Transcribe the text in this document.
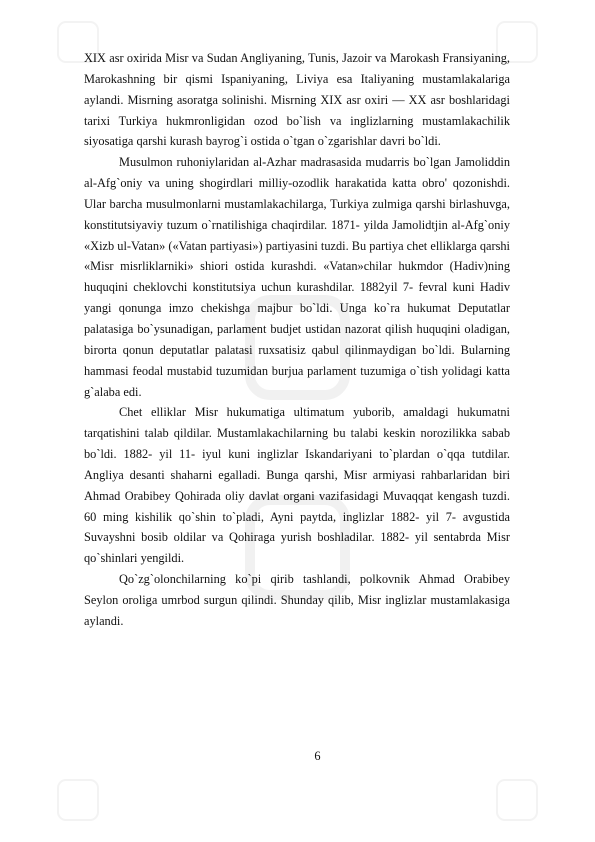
XIX asr oxirida Misr va Sudan Angliyaning, Tunis, Jazoir va Marokash Fransiyaning, Marokashning bir qismi Ispaniyaning, Liviya esa Italiyaning mustamlakalariga aylandi. Misrning asoratga solinishi. Misrning XIX asr oxiri — XX asr boshlaridagi tarixi Turkiya hukmronligidan ozod bo`lish va inglizlarning mustamlakachilik siyosatiga qarshi kurash bayrog`i ostida o`tgan o`zgarishlar davri bo`ldi.

Musulmon ruhoniylaridan al-Azhar madrasasida mudarris bo`lgan Jamoliddin al-Afg`oniy va uning shogirdlari milliy-ozodlik harakatida katta obro' qozonishdi. Ular barcha musulmonlarni mustamlakachilarga, Turkiya zulmiga qarshi birlashuvga, konstitutsiyaviy tuzum o`rnatilishiga chaqirdilar. 1871- yilda Jamolidtjin al-Afg`oniy «Xizb ul-Vatan» («Vatan partiyasi») partiyasini tuzdi. Bu partiya chet elliklarga qarshi «Misr misrliklarniki» shiori ostida kurashdi. «Vatan»chilar hukmdor (Hadiv)ning huquqini cheklovchi konstitutsiya uchun kurashdilar. 1882yil 7- fevral kuni Hadiv yangi qonunga imzo chekishga majbur bo`ldi. Unga ko`ra hukumat Deputatlar palatasiga bo`ysunadigan, parlament budjet ustidan nazorat qilish huquqini oladigan, birorta qonun deputatlar palatasi ruxsatisiz qabul qilinmaydigan bo`ldi. Bularning hammasi feodal mustabid tuzumidan burjua parlament tuzumiga o`tish yolidagi katta g`alaba edi.

Chet elliklar Misr hukumatiga ultimatum yuborib, amaldagi hukumatni tarqatishini talab qildilar. Mustamlakachilarning bu talabi keskin norozilikka sabab bo`ldi. 1882- yil 11- iyul kuni inglizlar Iskandariyani to`plardan o`qqa tutdilar. Angliya desanti shaharni egalladi. Bunga qarshi, Misr armiyasi rahbarlaridan biri Ahmad Orabibey Qohirada oliy davlat organi vazifasidagi Muvaqqat kengash tuzdi. 60 ming kishilik qo`shin to`pladi, Ayni paytda, inglizlar 1882- yil 7- avgustida Suvayshni bosib oldilar va Qohiraga yurish boshladilar. 1882- yil sentabrda Misr qo`shinlari yengildi.

Qo`zg`olonchilarning ko`pi qirib tashlandi, polkovnik Ahmad Orabibey Seylon oroliga umrbod surgun qilindi. Shunday qilib, Misr inglizlar mustamlakasiga aylandi.

6
